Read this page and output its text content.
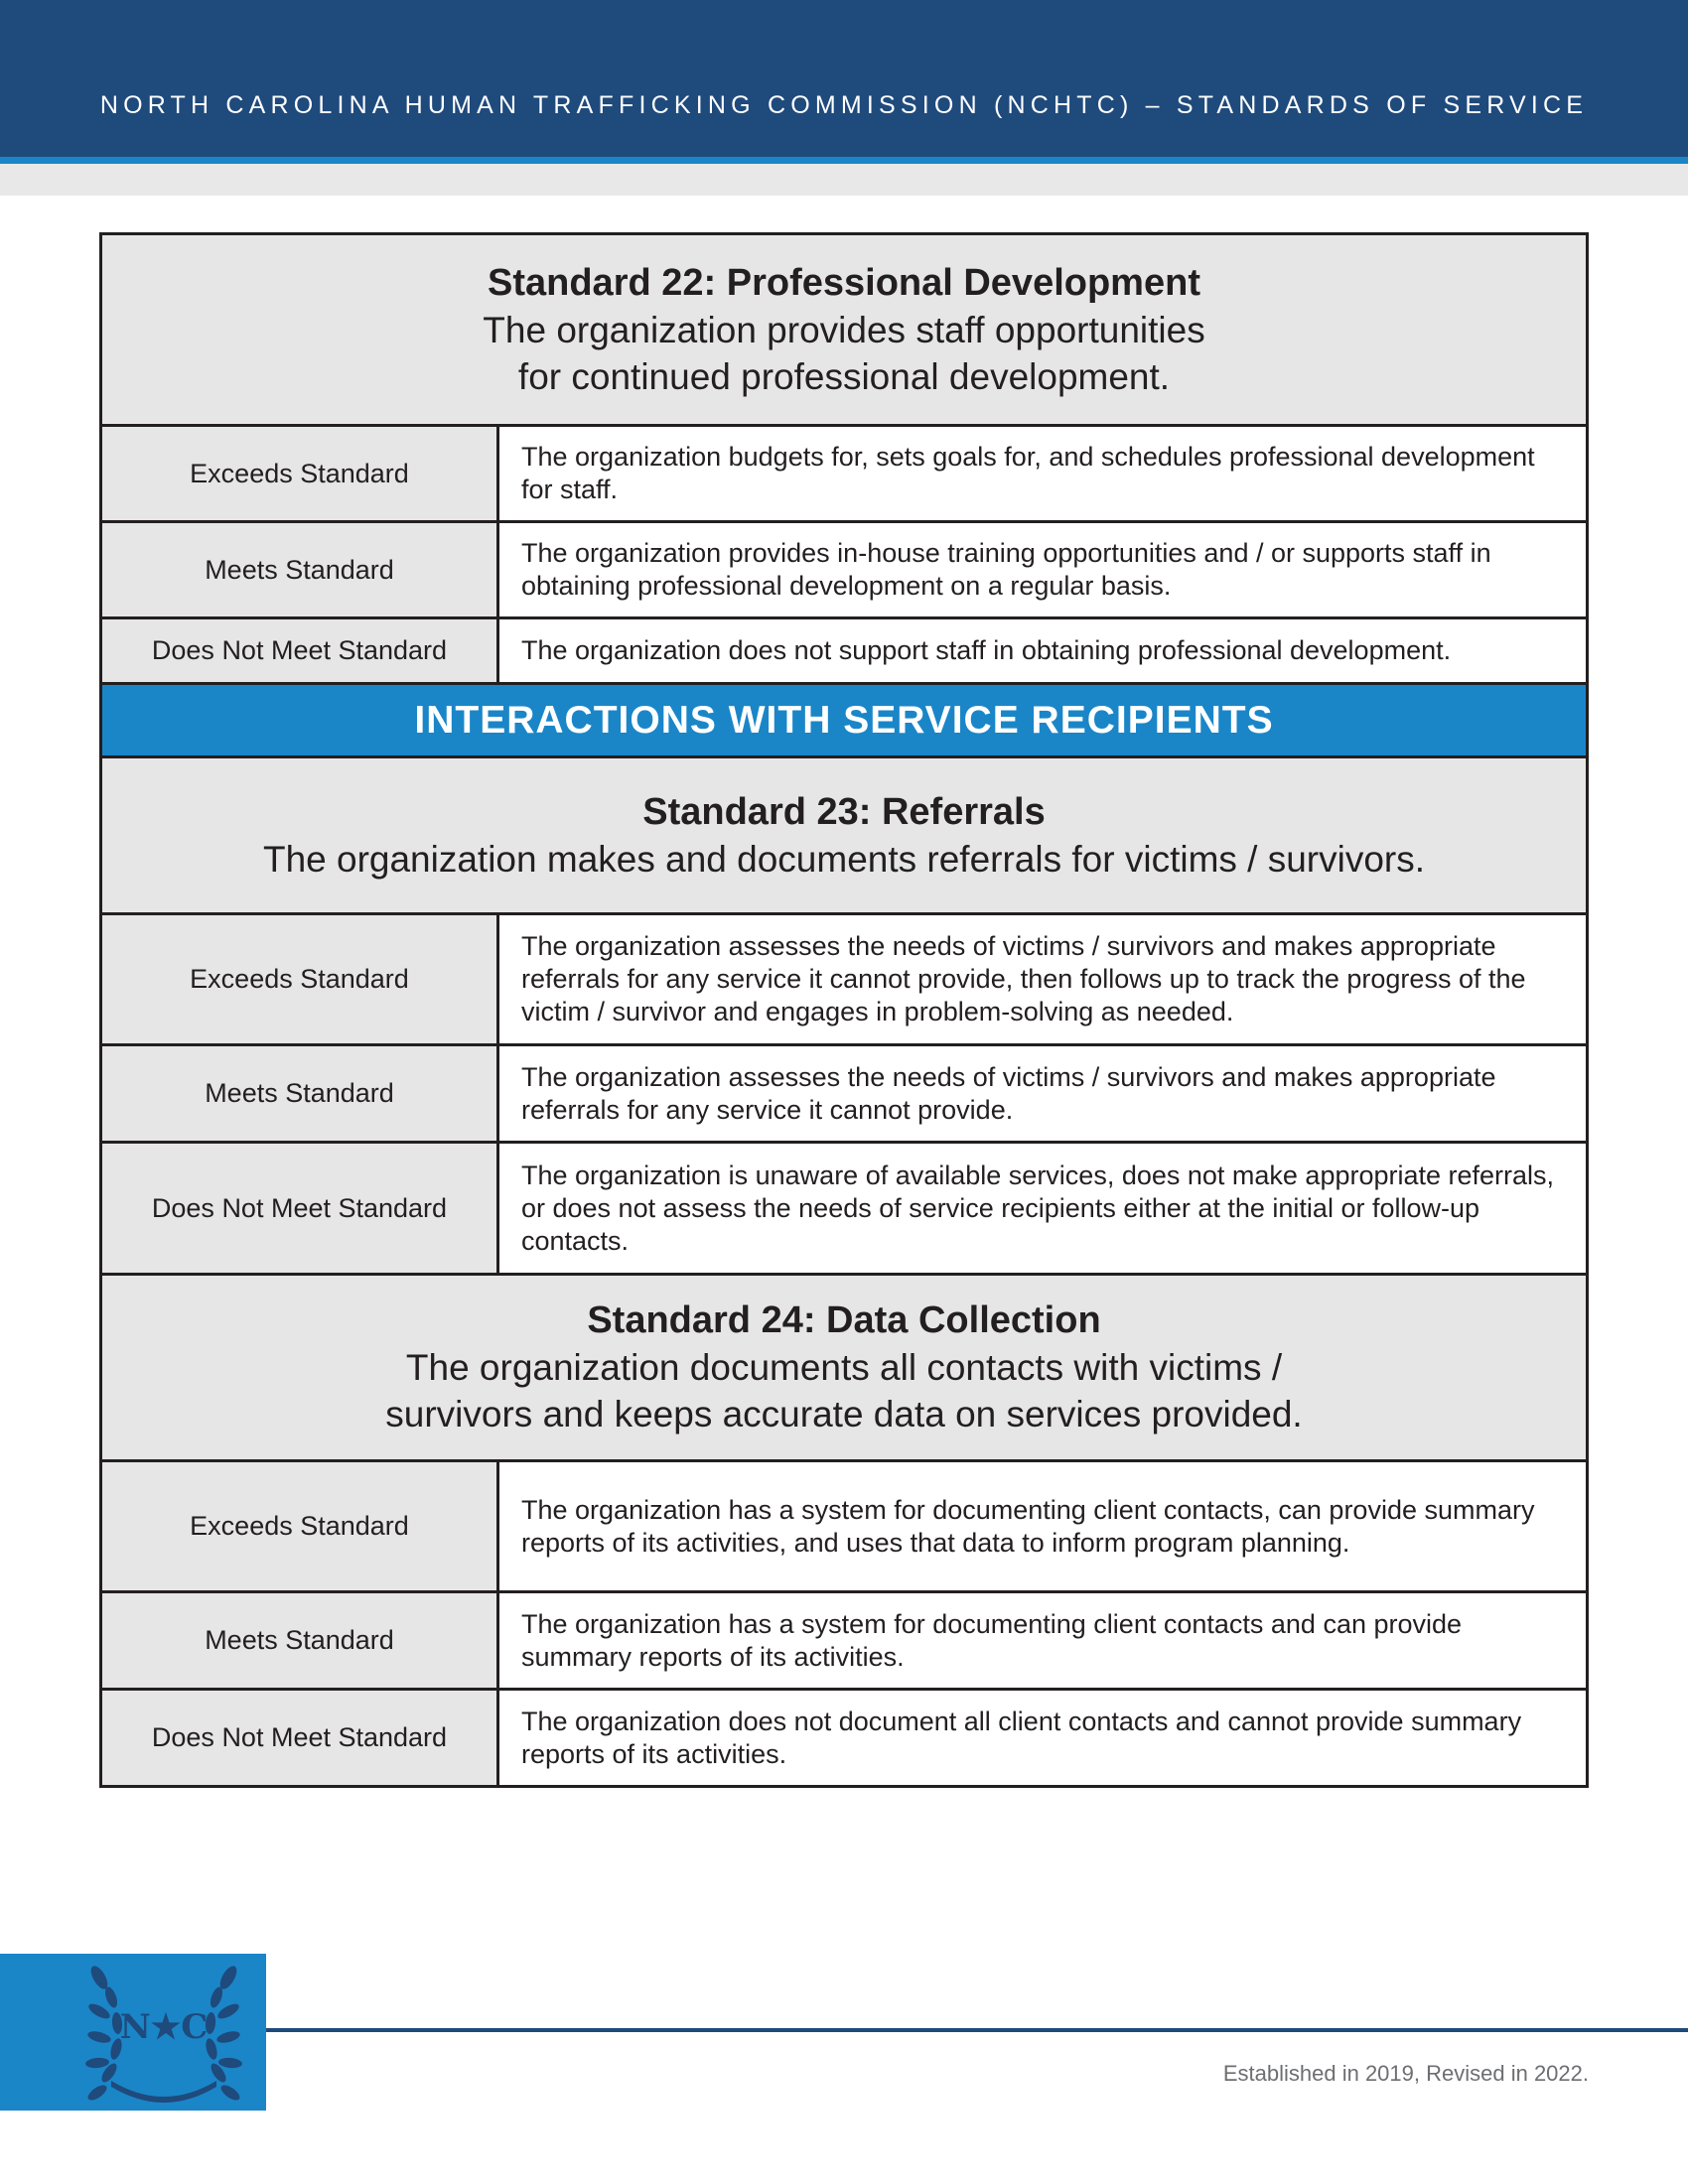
NORTH CAROLINA HUMAN TRAFFICKING COMMISSION (NCHTC) – STANDARDS OF SERVICE
Standard 22: Professional Development
The organization provides staff opportunities
for continued professional development.	

Exceeds Standard	The organization budgets for, sets goals for, and schedules professional development for staff.
Meets Standard	The organization provides in-house training opportunities and / or supports staff in obtaining professional development on a regular basis.
Does Not Meet Standard	The organization does not support staff in obtaining professional development.
INTERACTIONS WITH SERVICE RECIPIENTS	

Standard 23: Referrals
The organization makes and documents referrals for victims / survivors.	

Exceeds Standard	The organization assesses the needs of victims / survivors and makes appropriate referrals for any service it cannot provide, then follows up to track the progress of the victim / survivor and engages in problem-solving as needed.
Meets Standard	The organization assesses the needs of victims / survivors and makes appropriate referrals for any service it cannot provide.
Does Not Meet Standard	The organization is unaware of available services, does not make appropriate referrals, or does not assess the needs of service recipients either at the initial or follow-up contacts.

Standard 24: Data Collection
The organization documents all contacts with victims /
survivors and keeps accurate data on services provided.	

Exceeds Standard	The organization has a system for documenting client contacts, can provide summary reports of its activities, and uses that data to inform program planning.
Meets Standard	The organization has a system for documenting client contacts and can provide summary reports of its activities.
Does Not Meet Standard	The organization does not document all client contacts and cannot provide summary reports of its activities.
N★C
Established in 2019, Revised in 2022.
